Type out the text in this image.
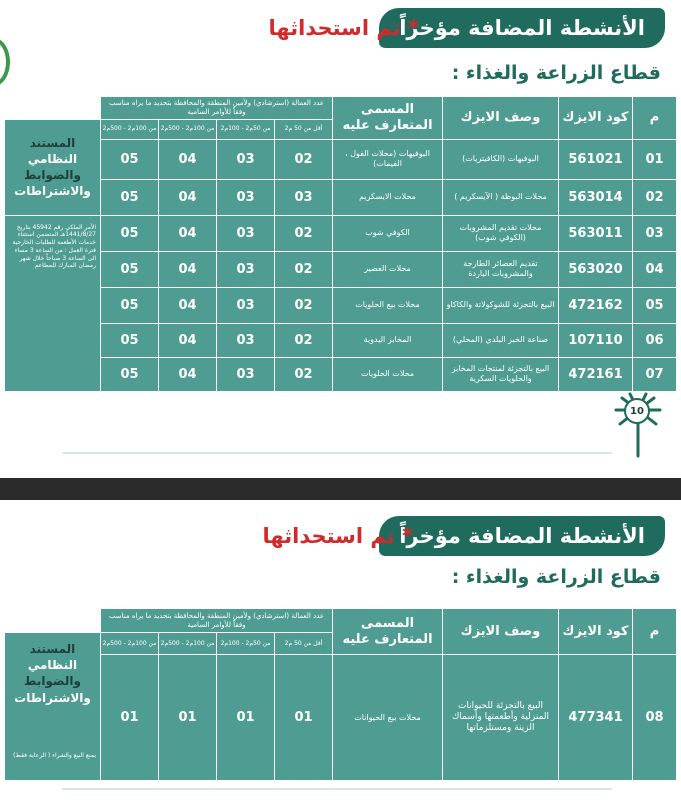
الأنشطة المضافة مؤخراً
* تم استحداثها
قطاع الزراعة والغذاء :
	عدد العمالة (استرشادي) ولأمين المنطقة والمحافظة بتحديد ما يراه مناسب وفقاً للأوامر السامية				المسمى المتعارف عليه	وصف الايزك	كود الايزك	م

المستند
النظامي
والضوابط
والاشتراطات	من 100م2 - 500م2	من 100م2 - 500م2	من 50م2 - 100م2	أقل من 50 م2				
	05	04	03	02	البوفيهات (محلات الفول ، الفيمات)	البوفيهات (الكافيتريات)	561021	01
	05	04	03	03	محلات الايسكريم	محلات البوظة ( الآيسكريم )	563014	02

الأمر الملكي رقم 45942 بتاريخ 1441/8/27هـ المتضمن استثناء خدمات الأطعمة للطلبات الخارجية فترة العمل : من الساعة 3 مساء الى الساعة 3 صباحاً خلال شهر رمضان المبارك للمطاعم	05	04	03	02	الكوفي شوب	محلات تقديم المشروبات (الكوفي شوب)	563011	03
	05	04	03	02	محلات العصير	تقديم العصائر الطازجة والمشروبات الباردة	563020	04
	05	04	03	02	محلات بيع الحلويات	البيع بالتجزئة للشوكولاتة والكاكاو	472162	05
	05	04	03	02	المخابز اليدوية	صناعة الخبز البلدي (المحلي)	107110	06
	05	04	03	02	محلات الحلويات	البيع بالتجزئة لمنتجات المخابز والحلويات السكرية	472161	07
10
الأنشطة المضافة مؤخراً
* تم استحداثها
قطاع الزراعة والغذاء :
	عدد العمالة (استرشادي) ولأمين المنطقة والمحافظة بتحديد ما يراه مناسب وفقاً للأوامر السامية				المسمى المتعارف عليه	وصف الايزك	كود الايزك	م

المستند
النظامي
والضوابط
والاشتراطات
يمنع البيع والشراء ( الرعاية فقط)	من 100م2 - 500م2	من 100م2 - 500م2	من 50م2 - 100م2	أقل من 50 م2				
	01	01	01	01	محلات بيع الحيوانات	البيع بالتجزئة للحيوانات المنزلية وأطعمتها وأسماك الزينة ومستلزماتها	477341	08
